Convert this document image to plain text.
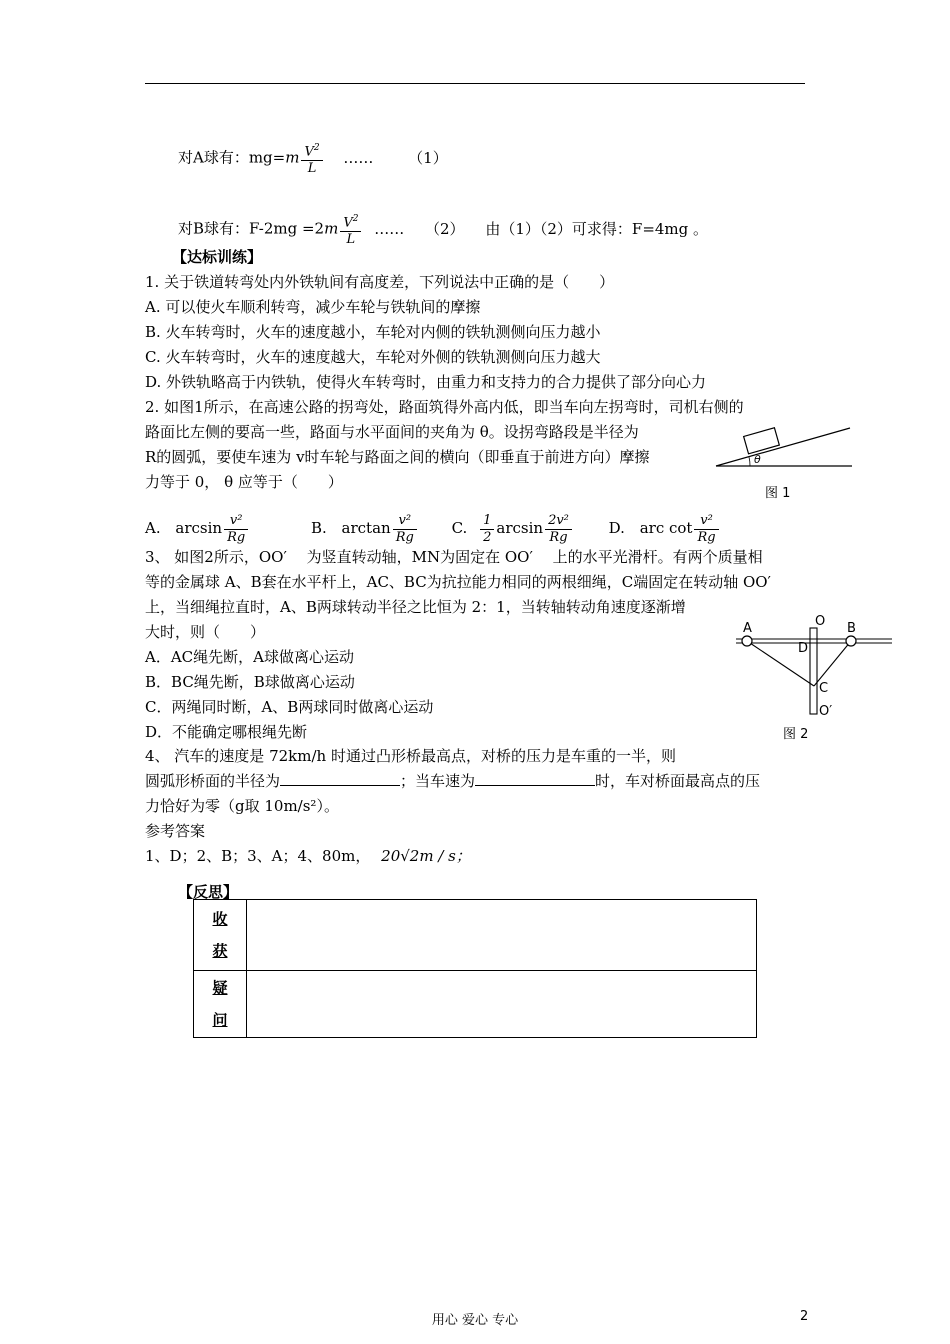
对A球有：$mg=m \frac{V^2}{L}$ …… （1）
对B球有：$F-2mg =2m \frac{V^2}{L}$ …… （2） 由（1）（2）可求得：F=4mg 。
【达标训练】
1. 关于铁道转弯处内外铁轨间有高度差，下列说法中正确的是（　　）
A. 可以使火车顺利转弯，减少车轮与铁轨间的摩擦
B. 火车转弯时，火车的速度越小，车轮对内侧的铁轨测侧向压力越小
C. 火车转弯时，火车的速度越大，车轮对外侧的铁轨测侧向压力越大
D. 外铁轨略高于内铁轨，使得火车转弯时，由重力和支持力的合力提供了部分向心力
2. 如图1所示，在高速公路的拐弯处，路面筑得外高内低，即当车向左拐弯时，司机右侧的
路面比左侧的要高一些，路面与水平面间的夹角为 θ。设拐弯路段是半径为
R的圆弧，要使车速为 v时车轮与路面之间的横向（即垂直于前进方向）摩擦
力等于 0， θ 应等于（　　）
θ
图 1
A. $\arcsin \frac{\text{v²}}{Rg}$	B. $\arctan \frac{\text{v²}}{Rg} C$. $\frac{1}{2}$ $\arcsin \frac{\text{2v²}}{Rg} D$. arc $\cot \frac{\text{v²}}{Rg}$
3、 如图2所示，OO′　 为竖直转动轴，MN为固定在 OO′　 上的水平光滑杆。有两个质量相
等的金属球 A、B套在水平杆上，AC、BC为抗拉能力相同的两根细绳，C端固定在转动轴 OO′
上，当细绳拉直时，A、B两球转动半径之比恒为 2：1，当转轴转动角速度逐渐增
大时，则（　　）
A．AC绳先断，A球做离心运动
B．BC绳先断，B球做离心运动
C．两绳同时断，A、B两球同时做离心运动
D．不能确定哪根绳先断
A	B
O
D
C
O′
图 2
4、 汽车的速度是 72km/h 时通过凸形桥最高点，对桥的压力是车重的一半，则
圆弧形桥面的半径为	；当车速为	时，车对桥面最高点的压
力恰好为零（g取 10m/s²）。
参考答案
1、D；2、B；3、A；4、80m， 20√2m / s；
【反思】
收
获	

疑
问	

用心 爱心 专心	2
